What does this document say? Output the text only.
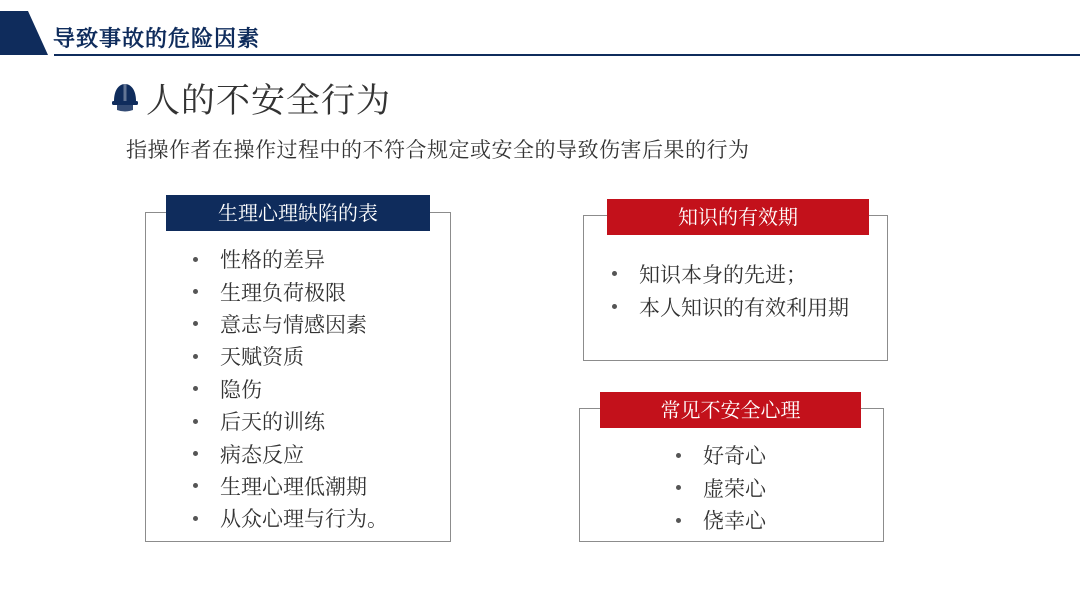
导致事故的危险因素
人的不安全行为
指操作者在操作过程中的不符合规定或安全的导致伤害后果的行为
生理心理缺陷的表
性格的差异
生理负荷极限
意志与情感因素
天赋资质
隐伤
后天的训练
病态反应
生理心理低潮期
从众心理与行为。
知识的有效期
知识本身的先进；
本人知识的有效利用期
常见不安全心理
好奇心
虚荣心
侥幸心
